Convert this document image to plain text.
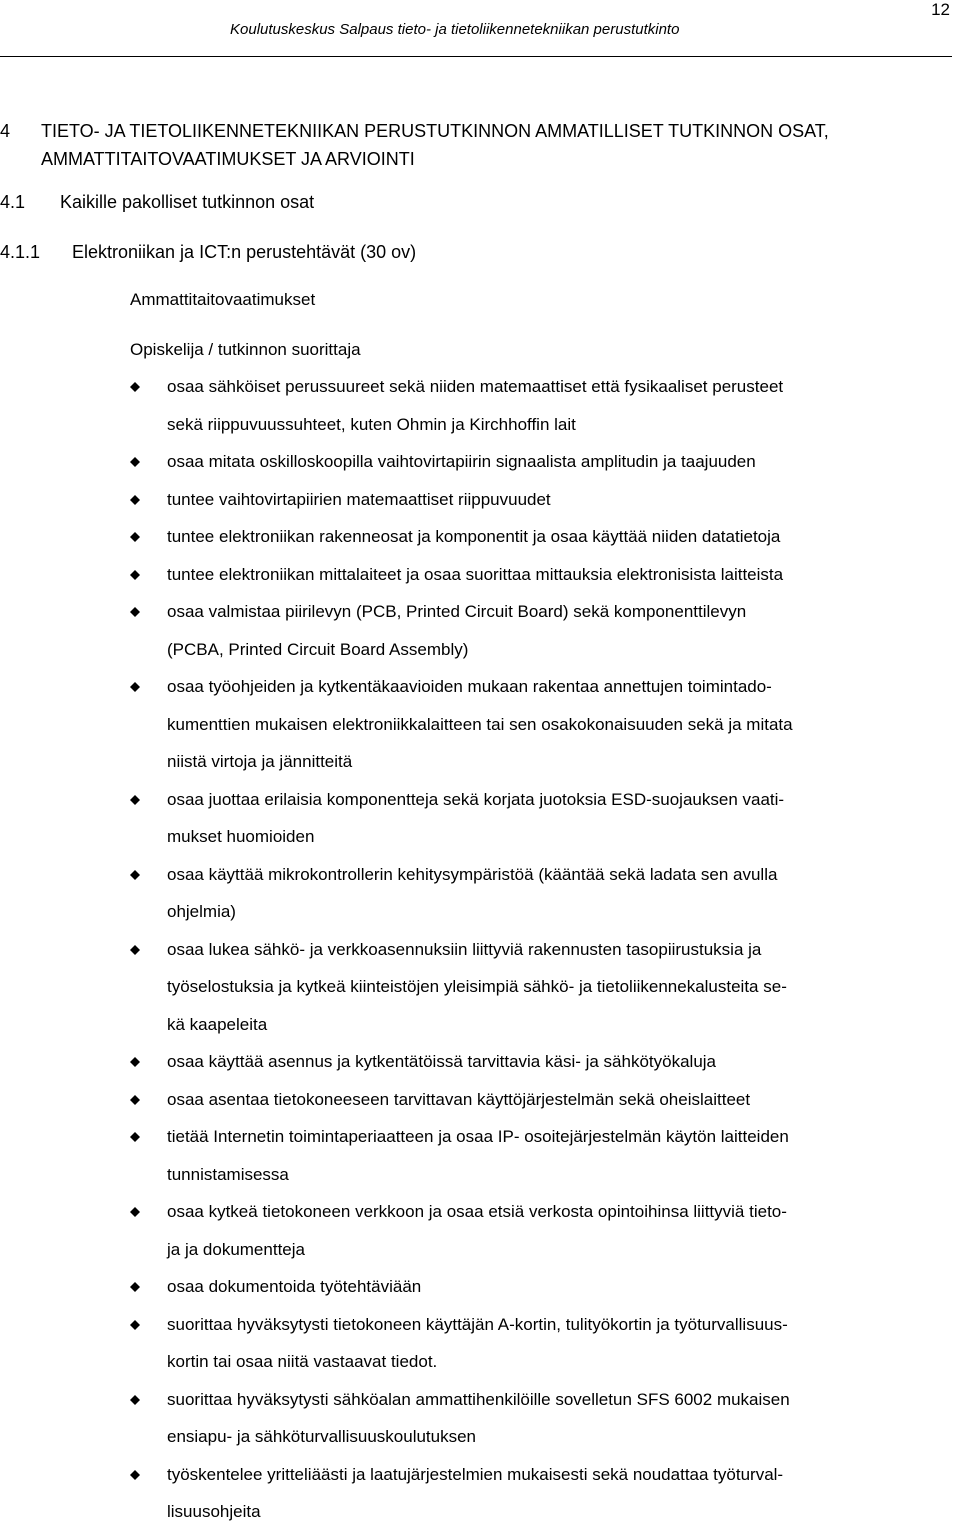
12
Koulutuskeskus Salpaus tieto- ja tietoliikennetekniikan perustutkinto
4 TIETO- JA TIETOLIIKENNETEKNIIKAN PERUSTUTKINNON AMMATILLISET TUTKINNON OSAT, AMMATTITAITOVAATIMUKSET JA ARVIOINTI
4.1 Kaikille pakolliset tutkinnon osat
4.1.1 Elektroniikan ja ICT:n perustehtävät (30 ov)
Ammattitaitovaatimukset
Opiskelija / tutkinnon suorittaja
osaa sähköiset perussuureet sekä niiden matemaattiset että fysikaaliset perusteet
sekä riippuvuussuhteet, kuten Ohmin ja Kirchhoffin lait
osaa mitata oskilloskoopilla vaihtovirtapiirin signaalista amplitudin ja taajuuden
tuntee vaihtovirtapiirien matemaattiset riippuvuudet
tuntee elektroniikan rakenneosat ja komponentit ja osaa käyttää niiden datatietoja
tuntee elektroniikan mittalaiteet ja osaa suorittaa mittauksia elektronisista laitteista
osaa valmistaa piirilevyn (PCB, Printed Circuit Board) sekä komponenttilevyn
(PCBA, Printed Circuit Board Assembly)
osaa työohjeiden ja kytkentäkaavioiden mukaan rakentaa annettujen toimintado-
kumenttien mukaisen elektroniikkalaitteen tai sen osakokonaisuuden sekä ja mitata
niistä virtoja ja jännitteitä
osaa juottaa erilaisia komponentteja sekä korjata juotoksia ESD-suojauksen vaati-
mukset huomioiden
osaa käyttää mikrokontrollerin kehitysympäristöä (kääntää sekä ladata sen avulla
ohjelmia)
osaa lukea sähkö- ja verkkoasennuksiin liittyviä rakennusten tasopiirustuksia ja
työselostuksia ja kytkeä kiinteistöjen yleisimpiä sähkö- ja tietoliikennekalusteita se-
kä kaapeleita
osaa käyttää asennus ja kytkentätöissä tarvittavia käsi- ja sähkötyökaluja
osaa asentaa tietokoneeseen tarvittavan käyttöjärjestelmän sekä oheislaitteet
tietää Internetin toimintaperiaatteen ja osaa IP- osoitejärjestelmän käytön laitteiden
tunnistamisessa
osaa kytkeä tietokoneen verkkoon ja osaa etsiä verkosta opintoihinsa liittyviä tieto-
ja ja dokumentteja
osaa dokumentoida työtehtäviään
suorittaa hyväksytysti tietokoneen käyttäjän A-kortin, tulityökortin ja työturvallisuus-
kortin tai osaa niitä vastaavat tiedot.
suorittaa hyväksytysti sähköalan ammattihenkilöille sovelletun SFS 6002 mukaisen
ensiapu- ja sähköturvallisuuskoulutuksen
työskentelee yritteliäästi ja laatujärjestelmien mukaisesti sekä noudattaa työturval-
lisuusohjeita
